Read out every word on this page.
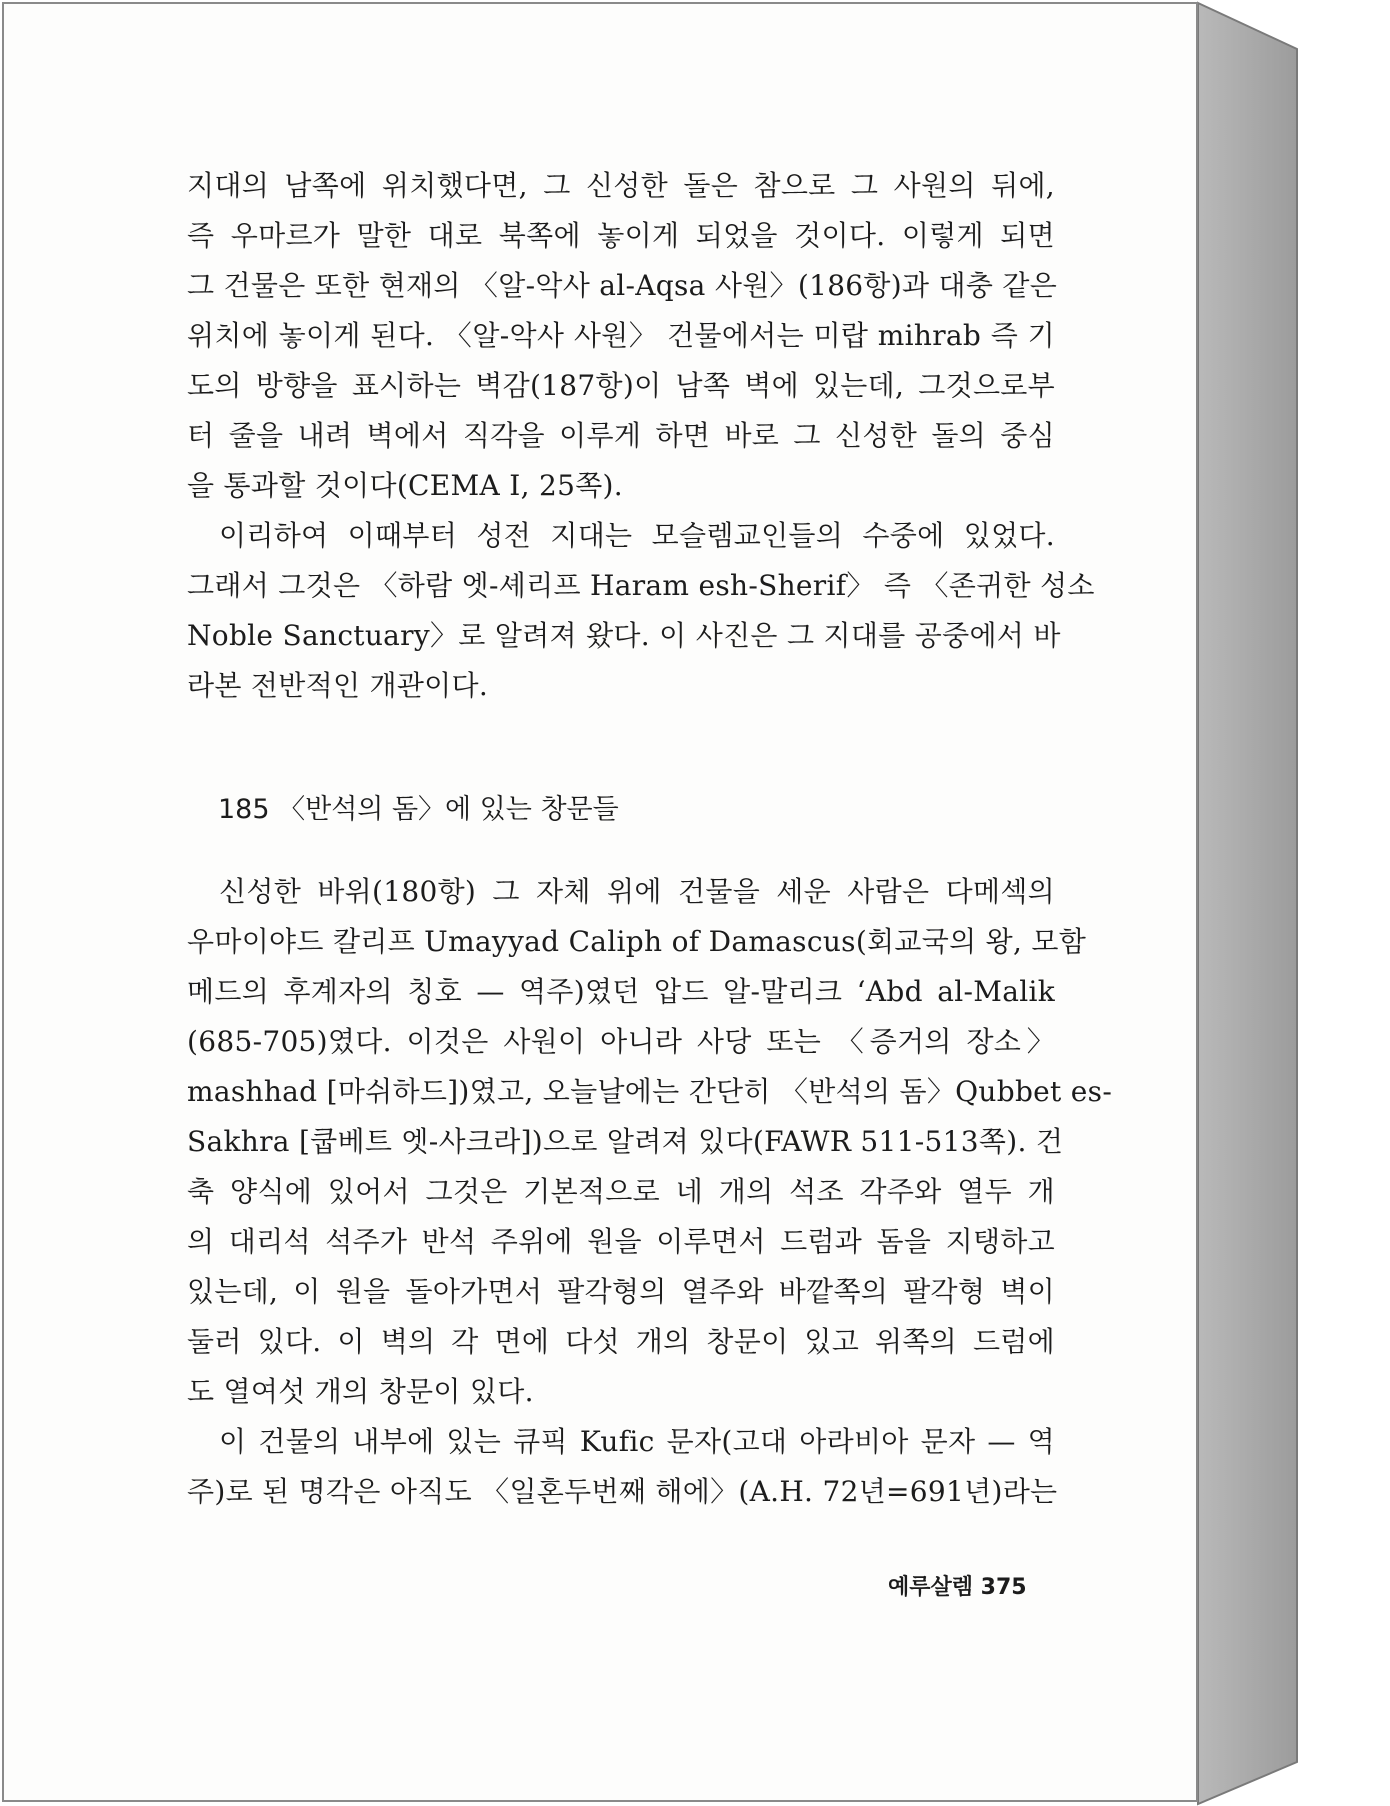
지대의 남쪽에 위치했다면, 그 신성한 돌은 참으로 그 사원의 뒤에,
즉 우마르가 말한 대로 북쪽에 놓이게 되었을 것이다. 이렇게 되면
그 건물은 또한 현재의 〈알-악사 al-Aqsa 사원〉(186항)과 대충 같은
위치에 놓이게 된다. 〈알-악사 사원〉 건물에서는 미랍 mihrab 즉 기
도의 방향을 표시하는 벽감(187항)이 남쪽 벽에 있는데, 그것으로부
터 줄을 내려 벽에서 직각을 이루게 하면 바로 그 신성한 돌의 중심
을 통과할 것이다(CEMA I, 25쪽).
이리하여 이때부터 성전 지대는 모슬렘교인들의 수중에 있었다.
그래서 그것은 〈하람 엣-셰리프 Haram esh-Sherif〉 즉 〈존귀한 성소
Noble Sanctuary〉로 알려져 왔다. 이 사진은 그 지대를 공중에서 바
라본 전반적인 개관이다.
신성한 바위(180항) 그 자체 위에 건물을 세운 사람은 다메섹의
우마이야드 칼리프 Umayyad Caliph of Damascus(회교국의 왕, 모함
메드의 후계자의 칭호 — 역주)였던 압드 알-말리크 ‘Abd al-Malik
(685-705)였다. 이것은 사원이 아니라 사당 또는 〈증거의 장소〉
mashhad [마쉬하드])였고, 오늘날에는 간단히 〈반석의 돔〉Qubbet es-
Sakhra [쿱베트 엣-사크라])으로 알려져 있다(FAWR 511-513쪽). 건
축 양식에 있어서 그것은 기본적으로 네 개의 석조 각주와 열두 개
의 대리석 석주가 반석 주위에 원을 이루면서 드럼과 돔을 지탱하고
있는데, 이 원을 돌아가면서 팔각형의 열주와 바깥쪽의 팔각형 벽이
둘러 있다. 이 벽의 각 면에 다섯 개의 창문이 있고 위쪽의 드럼에
도 열여섯 개의 창문이 있다.
이 건물의 내부에 있는 큐픽 Kufic 문자(고대 아라비아 문자 — 역
주)로 된 명각은 아직도 〈일혼두번째 해에〉(A.H. 72년=691년)라는
185 〈반석의 돔〉에 있는 창문들
예루살렘 375
